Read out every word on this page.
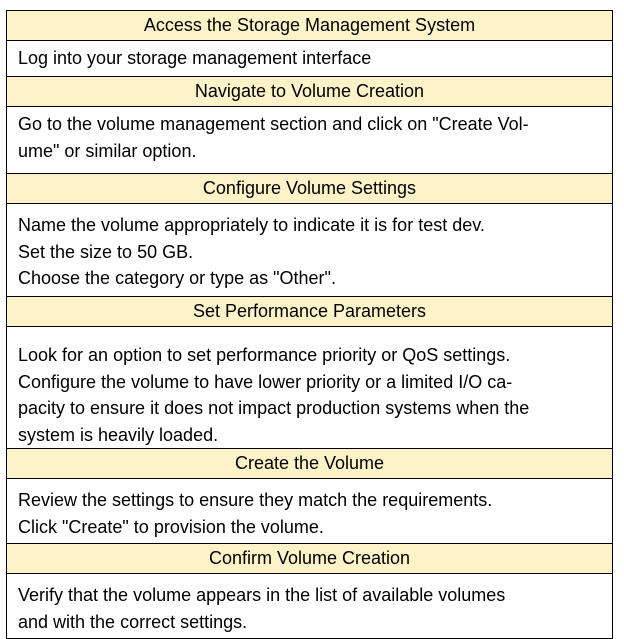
Access the Storage Management System

Log into your storage management interface

Navigate to Volume Creation

Go to the volume management section and click on "Create Vol-
ume" or similar option.

Configure Volume Settings

Name the volume appropriately to indicate it is for test dev.
Set the size to 50 GB.
Choose the category or type as "Other".

Set Performance Parameters

Look for an option to set performance priority or QoS settings.
Configure the volume to have lower priority or a limited I/O ca-
pacity to ensure it does not impact production systems when the
system is heavily loaded.

Create the Volume

Review the settings to ensure they match the requirements.
Click "Create" to provision the volume.

Confirm Volume Creation

Verify that the volume appears in the list of available volumes
and with the correct settings.
